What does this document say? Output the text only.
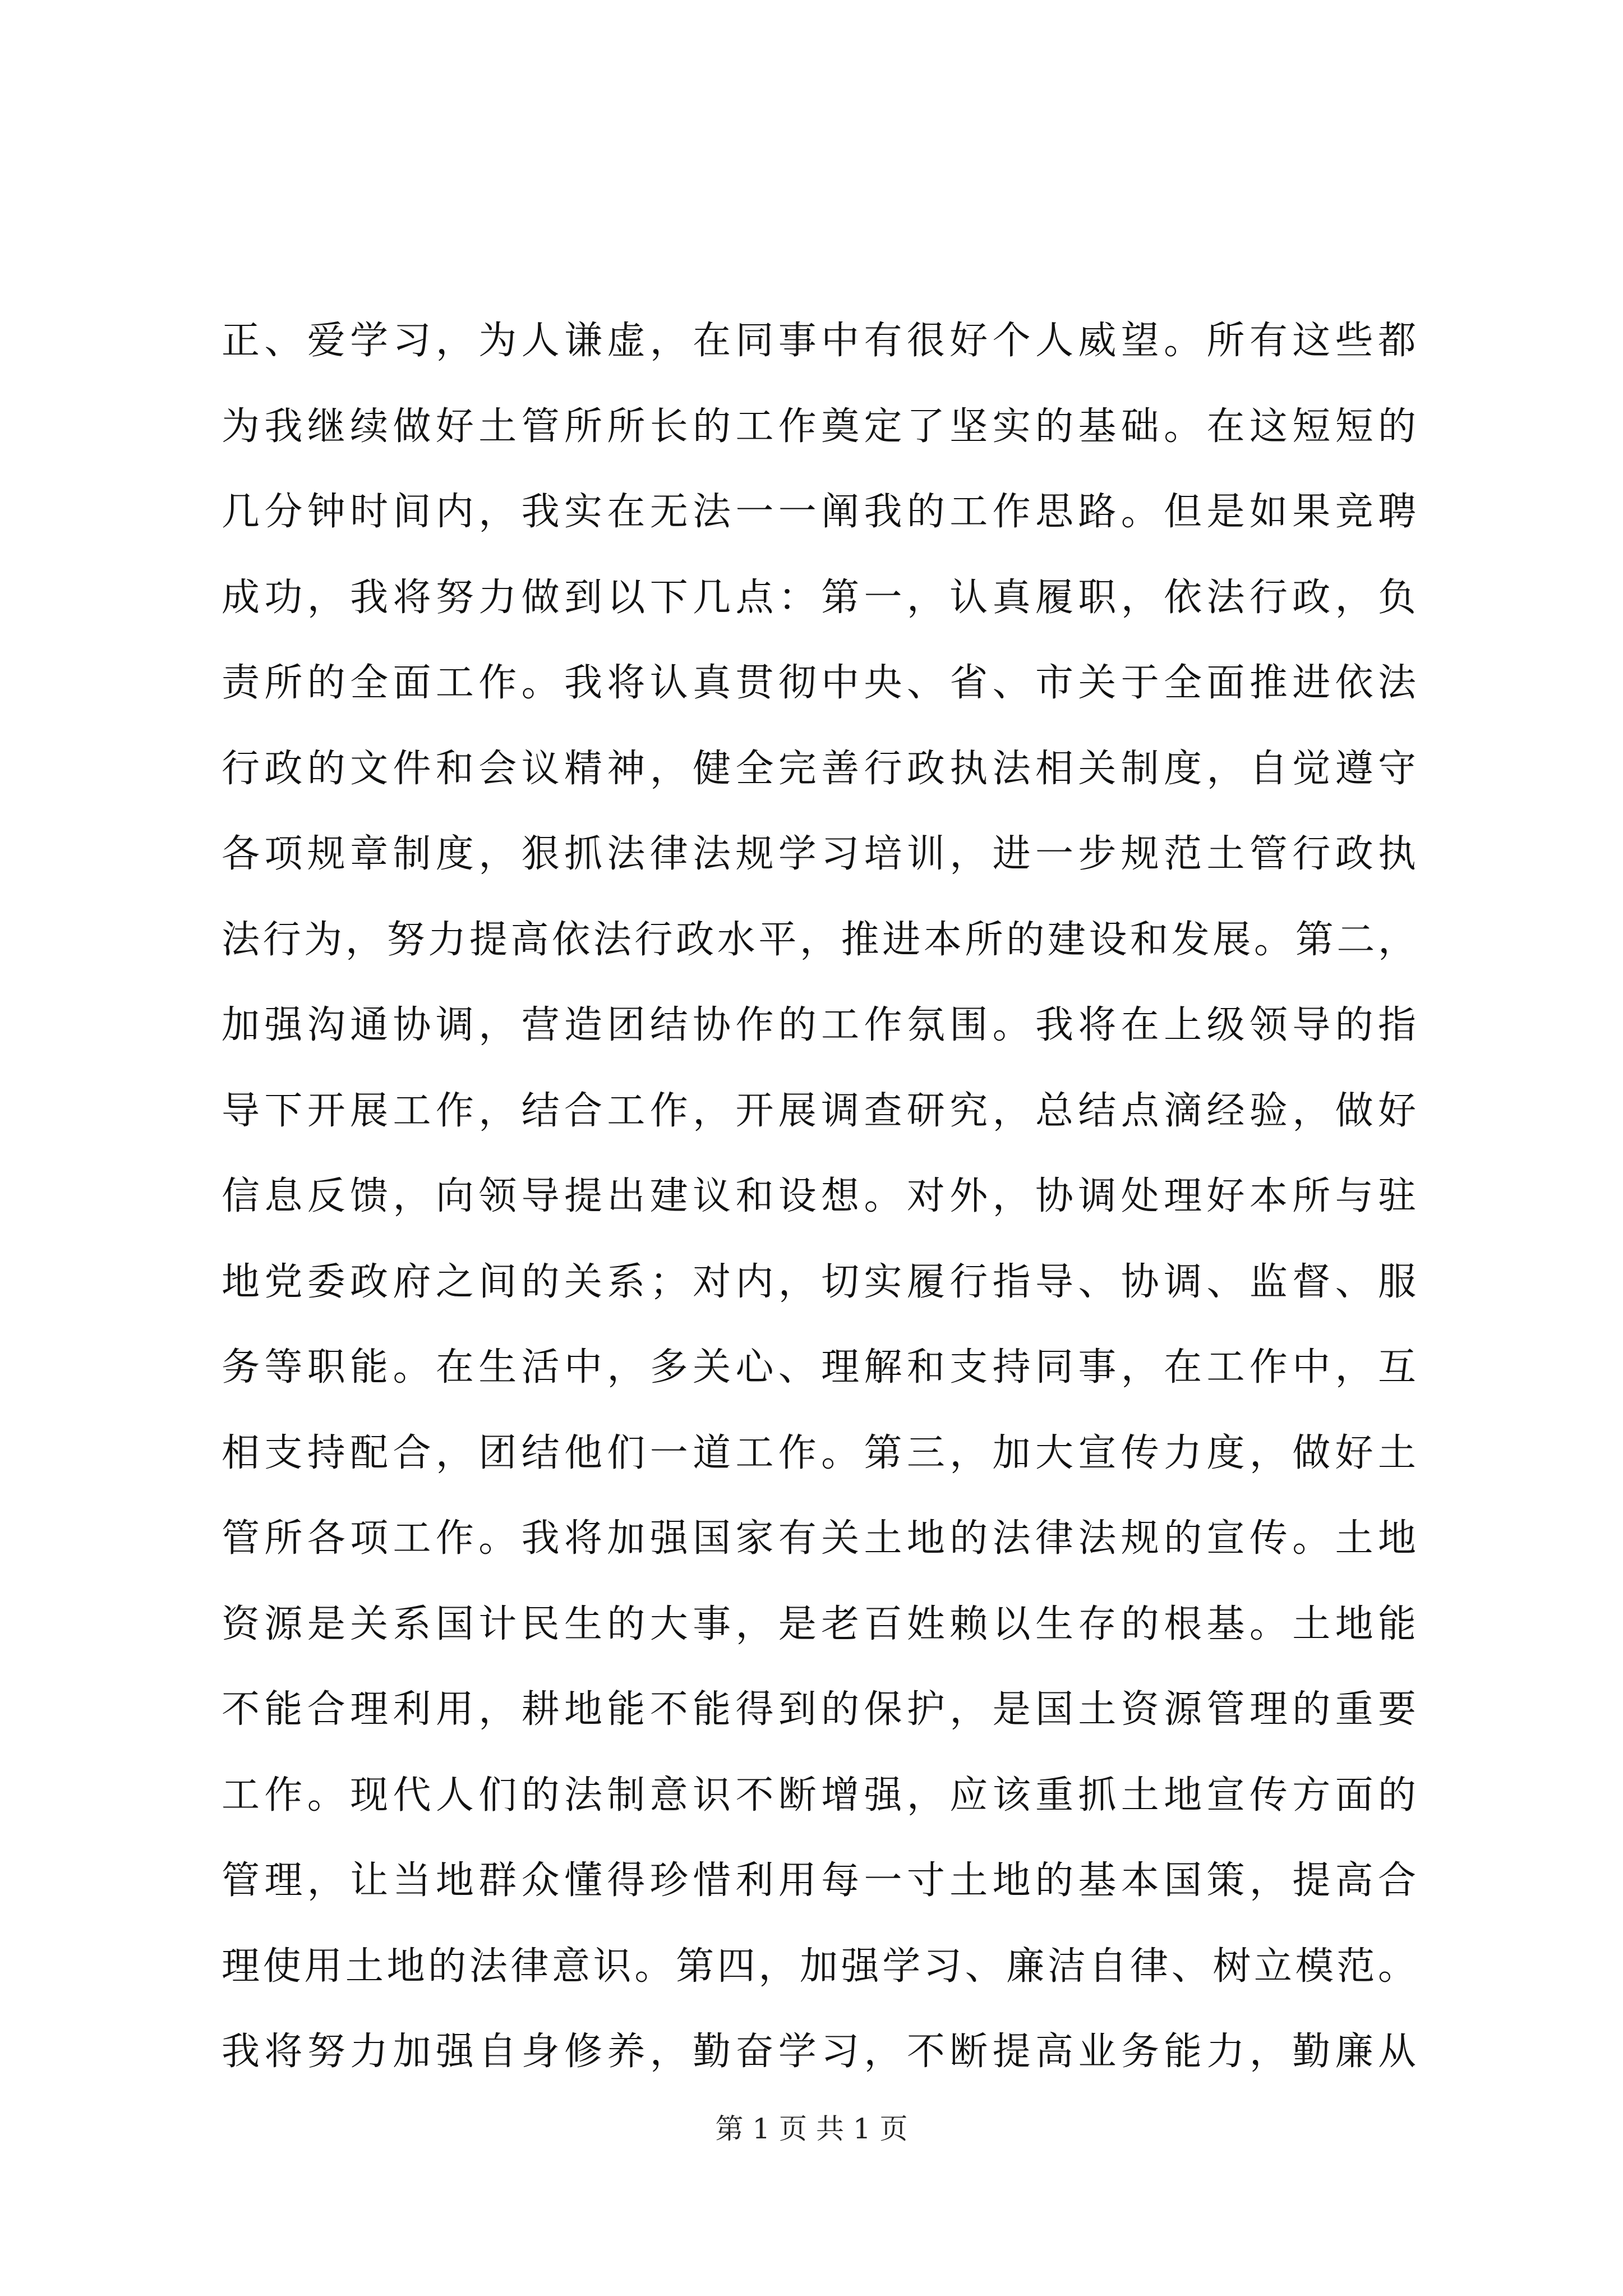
正、爱学习，为人谦虚，在同事中有很好个人威望。所有这些都
为我继续做好土管所所长的工作奠定了坚实的基础。在这短短的
几分钟时间内，我实在无法一一阐我的工作思路。但是如果竞聘
成功，我将努力做到以下几点：第一，认真履职，依法行政，负
责所的全面工作。我将认真贯彻中央、省、市关于全面推进依法
行政的文件和会议精神，健全完善行政执法相关制度，自觉遵守
各项规章制度，狠抓法律法规学习培训，进一步规范土管行政执
法行为，努力提高依法行政水平，推进本所的建设和发展。第二，
加强沟通协调，营造团结协作的工作氛围。我将在上级领导的指
导下开展工作，结合工作，开展调查研究，总结点滴经验，做好
信息反馈，向领导提出建议和设想。对外，协调处理好本所与驻
地党委政府之间的关系；对内，切实履行指导、协调、监督、服
务等职能。在生活中，多关心、理解和支持同事，在工作中，互
相支持配合，团结他们一道工作。第三，加大宣传力度，做好土
管所各项工作。我将加强国家有关土地的法律法规的宣传。土地
资源是关系国计民生的大事，是老百姓赖以生存的根基。土地能
不能合理利用，耕地能不能得到的保护，是国土资源管理的重要
工作。现代人们的法制意识不断增强，应该重抓土地宣传方面的
管理，让当地群众懂得珍惜利用每一寸土地的基本国策，提高合
理使用土地的法律意识。第四，加强学习、廉洁自律、树立模范。
我将努力加强自身修养，勤奋学习，不断提高业务能力，勤廉从
第 1 页 共 1 页
